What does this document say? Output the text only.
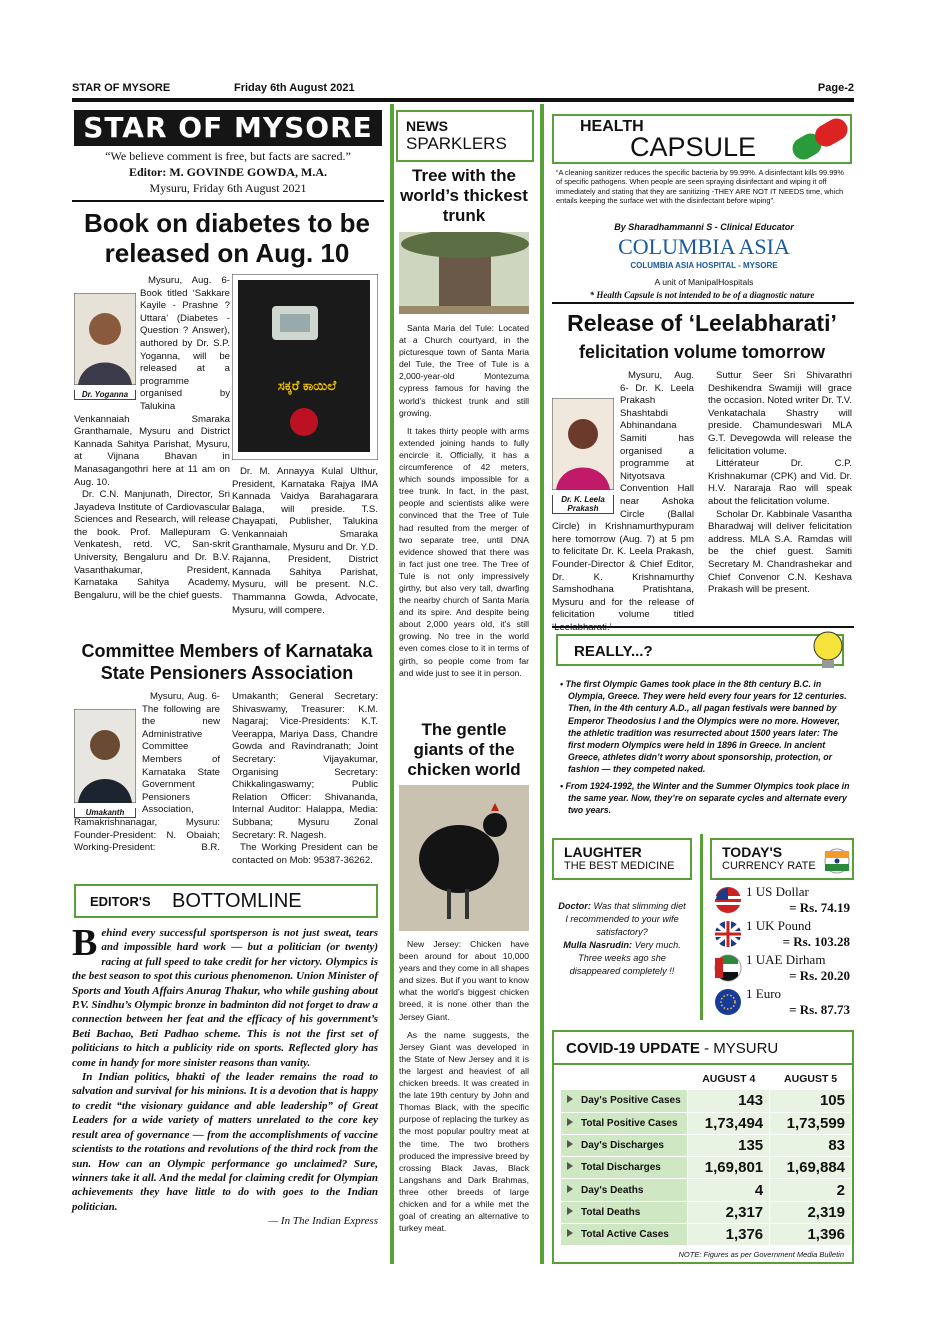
STAR OF MYSORE	Friday 6th August 2021	Page-2
STAR OF MYSORE
“We believe comment is free, but facts are sacred.”
Editor: M. GOVINDE GOWDA, M.A.
Mysuru, Friday 6th August 2021
Book on diabetes to be released on Aug. 10
Dr. Yoganna
Mysuru, Aug. 6- Book titled ‘Sakkare Kayile - Prashne ? Uttara’ (Diabetes - Question ? Answer), authored by Dr. S.P. Yoganna, will be released at a programme organised by Talukina Venkannaiah Smaraka Granthamale, Mysuru and District Kannada Sahitya Parishat, Mysuru, at Vijnana Bhavan in Manasagangothri here at 11 am on Aug. 10.
Dr. C.N. Manjunath, Director, Sri Jayadeva Institute of Cardiovascular Sciences and Research, will release the book. Prof. Mallepuram G. Venkatesh, retd. VC, San-skrit University, Bengaluru and Dr. B.V. Vasanthakumar, President, Karnataka Sahitya Academy, Bengaluru, will be the chief guests.
ಸಕ್ಕರೆ ಕಾಯಿಲೆ
Dr. M. Annayya Kulal Ulthur, President, Karnataka Rajya IMA Kannada Vaidya Barahagarara Balaga, will preside. T.S. Chayapati, Publisher, Talukina Venkannaiah Smaraka Granthamale, Mysuru and Dr. Y.D. Rajanna, President, District Kannada Sahitya Parishat, Mysuru, will be present. N.C. Thammanna Gowda, Advocate, Mysuru, will compere.
Committee Members of Karnataka State Pensioners Association
Umakanth
Mysuru, Aug. 6- The following are the new Administrative Committee Members of Karnataka State Government Pensioners Association, Ramakrishnanagar, Mysuru: Founder-President: N. Obaiah; Working-President: B.R. Umakanth; General Secretary: Shivaswamy, Treasurer: K.M. Nagaraj; Vice-Presidents: K.T. Veerappa, Mariya Dass, Chandre Gowda and Ravindranath; Joint Secretary: Vijayakumar, Organising Secretary: Chikkalingaswamy; Public Relation Officer: Shivananda, Internal Auditor: Halappa, Media: Subbana; Mysuru Zonal Secretary: R. Nagesh.
The Working President can be contacted on Mob: 95387-36262.
EDITOR'S BOTTOMLINE
B ehind every successful sportsperson is not just sweat, tears and impossible hard work — but a politician (or twenty) racing at full speed to take credit for her victory. Olympics is the best season to spot this curious phenomenon. Union Minister of Sports and Youth Affairs Anurag Thakur, who while gushing about P.V. Sindhu’s Olympic bronze in badminton did not forget to draw a connection between her feat and the efficacy of his government’s Beti Bachao, Beti Padhao scheme. This is not the first set of politicians to hitch a publicity ride on sports. Reflected glory has come in handy for more sinister reasons than vanity.
In Indian politics, bhakti of the leader remains the road to salvation and survival for his minions. It is a devotion that is happy to credit “the visionary guidance and able leadership” of Great Leaders for a wide variety of matters unrelated to the core key result area of governance — from the accomplishments of vaccine scientists to the rotations and revolutions of the third rock from the sun. How can an Olympic performance go unclaimed? Sure, winners take it all. And the medal for claiming credit for Olympian achievements they have little to do with goes to the Indian politician.
— In The Indian Express
NEWS
SPARKLERS
Tree with the world’s thickest trunk

Santa Maria del Tule: Located at a Church courtyard, in the picturesque town of Santa Maria del Tule, the Tree of Tule is a 2,000-year-old Montezuma cypress famous for having the world’s thickest trunk and still growing.

It takes thirty people with arms extended joining hands to fully encircle it. Officially, it has a circumference of 42 meters, which sounds impossible for a tree trunk. In fact, in the past, people and scientists alike were convinced that the Tree of Tule had resulted from the merger of two separate tree, until DNA evidence showed that there was in fact just one tree. The Tree of Tule is not only impressively girthy, but also very tall, dwarfing the nearby church of Santa Maria and its spire. And despite being about 2,000 years old, it’s still growing. No tree in the world even comes close to it in terms of girth, so people come from far and wide just to see it in person.

The gentle giants of the chicken world

New Jersey: Chicken have been around for about 10,000 years and they come in all shapes and sizes. But if you want to know what the world’s biggest chicken breed, it is none other than the Jersey Giant.

As the name suggests, the Jersey Giant was developed in the State of New Jersey and it is the largest and heaviest of all chicken breeds. It was created in the late 19th century by John and Thomas Black, with the specific purpose of replacing the turkey as the most popular poultry meat at the time. The two brothers produced the impressive breed by crossing Black Javas, Black Langshans and Dark Brahmas, three other breeds of large chicken and for a while met the goal of creating an alternative to turkey meat.

HEALTH
CAPSULE
“A cleaning sanitizer reduces the specific bacteria by 99.99%. A disinfectant kills 99.99% of specific pathogens. When people are seen spraying disinfectant and wiping it off immediately and stating that they are sanitizing -THEY ARE NOT IT NEEDS time, which entails keeping the surface wet with the disinfectant before wiping”.
By Sharadhammanni S - Clinical Educator
COLUMBIA ASIA
COLUMBIA ASIA HOSPITAL - MYSORE
A unit of ManipalHospitals
* Health Capsule is not intended to be of a diagnostic nature
Release of ‘Leelabharati’
felicitation volume tomorrow
Dr. K. Leela Prakash
Mysuru, Aug. 6- Dr. K. Leela Prakash Shashtabdi Abhinandana Samiti has organised a programme at Nityotsava Convention Hall near Ashoka Circle (Ballal Circle) in Krishnamurthypuram here tomorrow (Aug. 7) at 5 pm to felicitate Dr. K. Leela Prakash, Founder-Director & Chief Editor, Dr. K. Krishnamurthy Samshodhana Pratishtana, Mysuru and for the release of felicitation volume titled

Suttur Seer Sri Shivarathri Deshikendra Swamiji will grace the occasion. Noted writer Dr. T.V. Venkatachala Shastry will preside. Chamundeswari MLA G.T. Devegowda will release the felicitation volume.

Littérateur Dr. C.P. Krishnakumar (CPK) and Vid. Dr. H.V. Nararaja Rao will speak about the felicitation volume.

Scholar Dr. Kabbinale Vasantha Bharadwaj will deliver felicitation address. MLA S.A. Ramdas will be the chief guest. Samiti Secretary M. Chandrashekar and Chief Convenor C.N. Keshava Prakash will be present.

REALLY...?
• The first Olympic Games took place in the 8th century B.C. in Olympia, Greece. They were held every four years for 12 centuries. Then, in the 4th century A.D., all pagan festivals were banned by Emperor Theodosius I and the Olympics were no more. However, the athletic tradition was resurrected about 1500 years later: The first modern Olympics were held in 1896 in Greece. In ancient Greece, athletes didn’t worry about sponsorship, protection, or fashion — they competed naked.
• From 1924-1992, the Winter and the Summer Olympics took place in the same year. Now, they’re on separate cycles and alternate every two years.
LAUGHTER
THE BEST MEDICINE
Doctor: Was that slimming diet I recommended to your wife satisfactory?
Mulla Nasrudin: Very much. Three weeks ago she disappeared completely !!
TODAY'S
CURRENCY RATE
1 US Dollar
= Rs. 74.19
1 UK Pound
= Rs. 103.28
1 UAE Dirham
= Rs. 20.20
1 Euro
= Rs. 87.73
COVID-19 UPDATE - MYSURU
	AUGUST 4	AUGUST 5
Day's Positive Cases	143	105
Total Positive Cases	1,73,494	1,73,599
Day's Discharges	135	83
Total Discharges	1,69,801	1,69,884
Day's Deaths	4	2
Total Deaths	2,317	2,319
Total Active Cases	1,376	1,396
NOTE: Figures as per Government Media Bulletin
